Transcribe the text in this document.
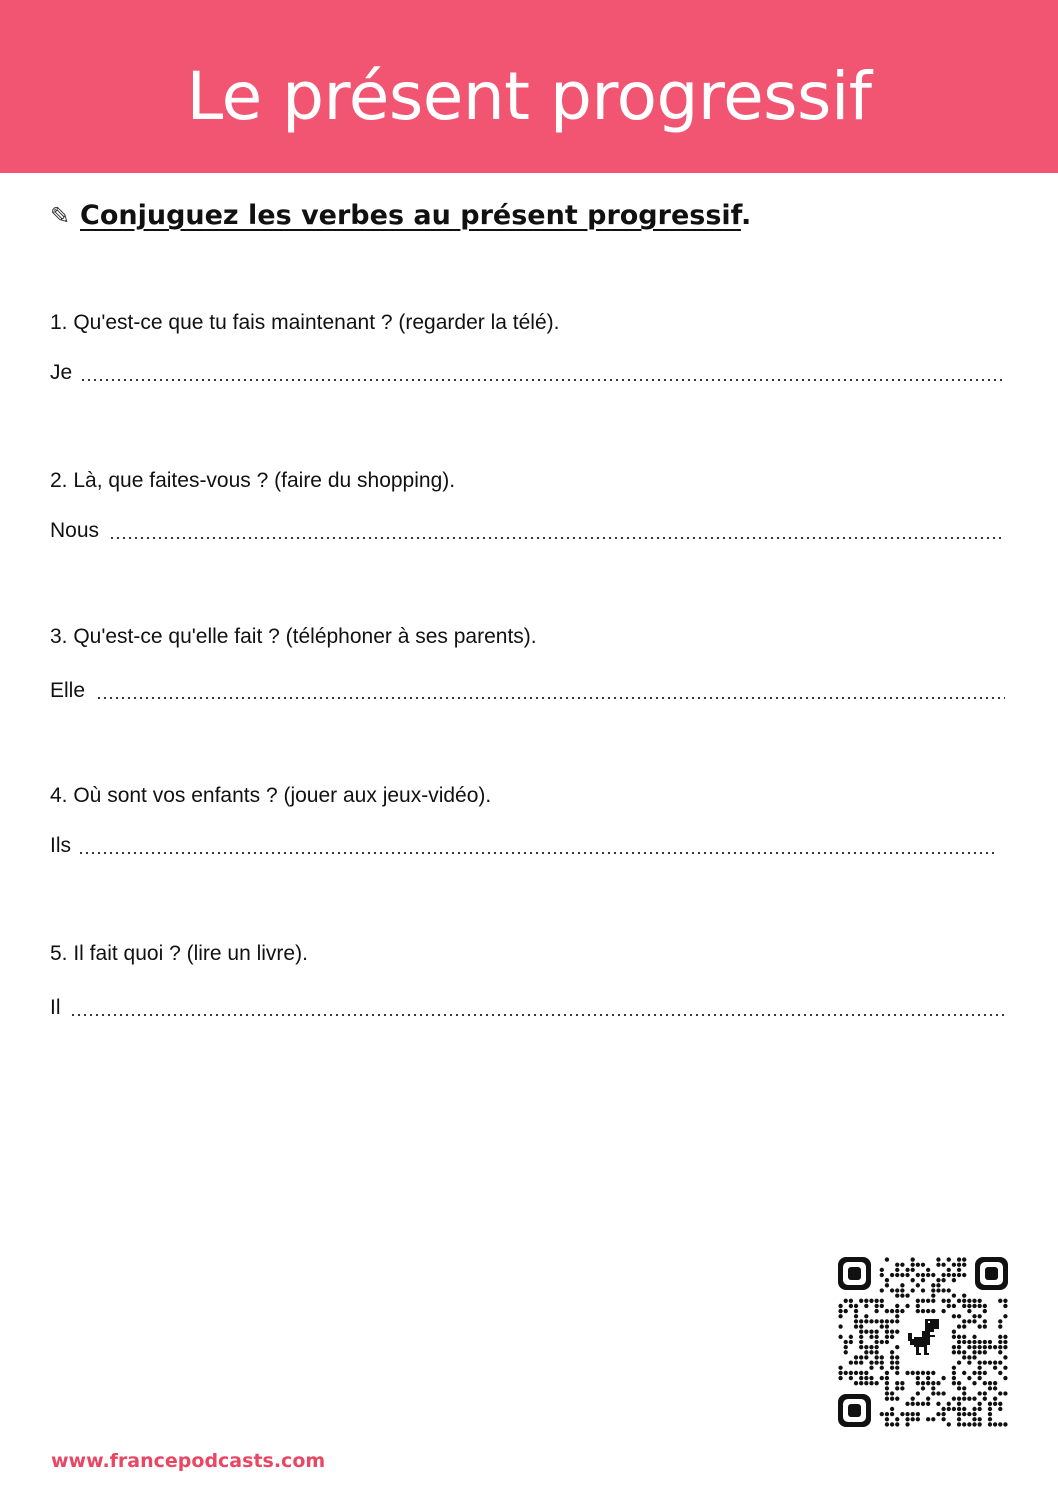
Le présent progressif
✎ Conjuguez les verbes au présent progressif.
1. Qu'est-ce que tu fais maintenant ? (regarder la télé).
Je
2. Là, que faites-vous ? (faire du shopping).
Nous
3. Qu'est-ce qu'elle fait ? (téléphoner à ses parents).
Elle
4. Où sont vos enfants ? (jouer aux jeux-vidéo).
Ils
5. Il fait quoi ? (lire un livre).
Il
www.francepodcasts.com
